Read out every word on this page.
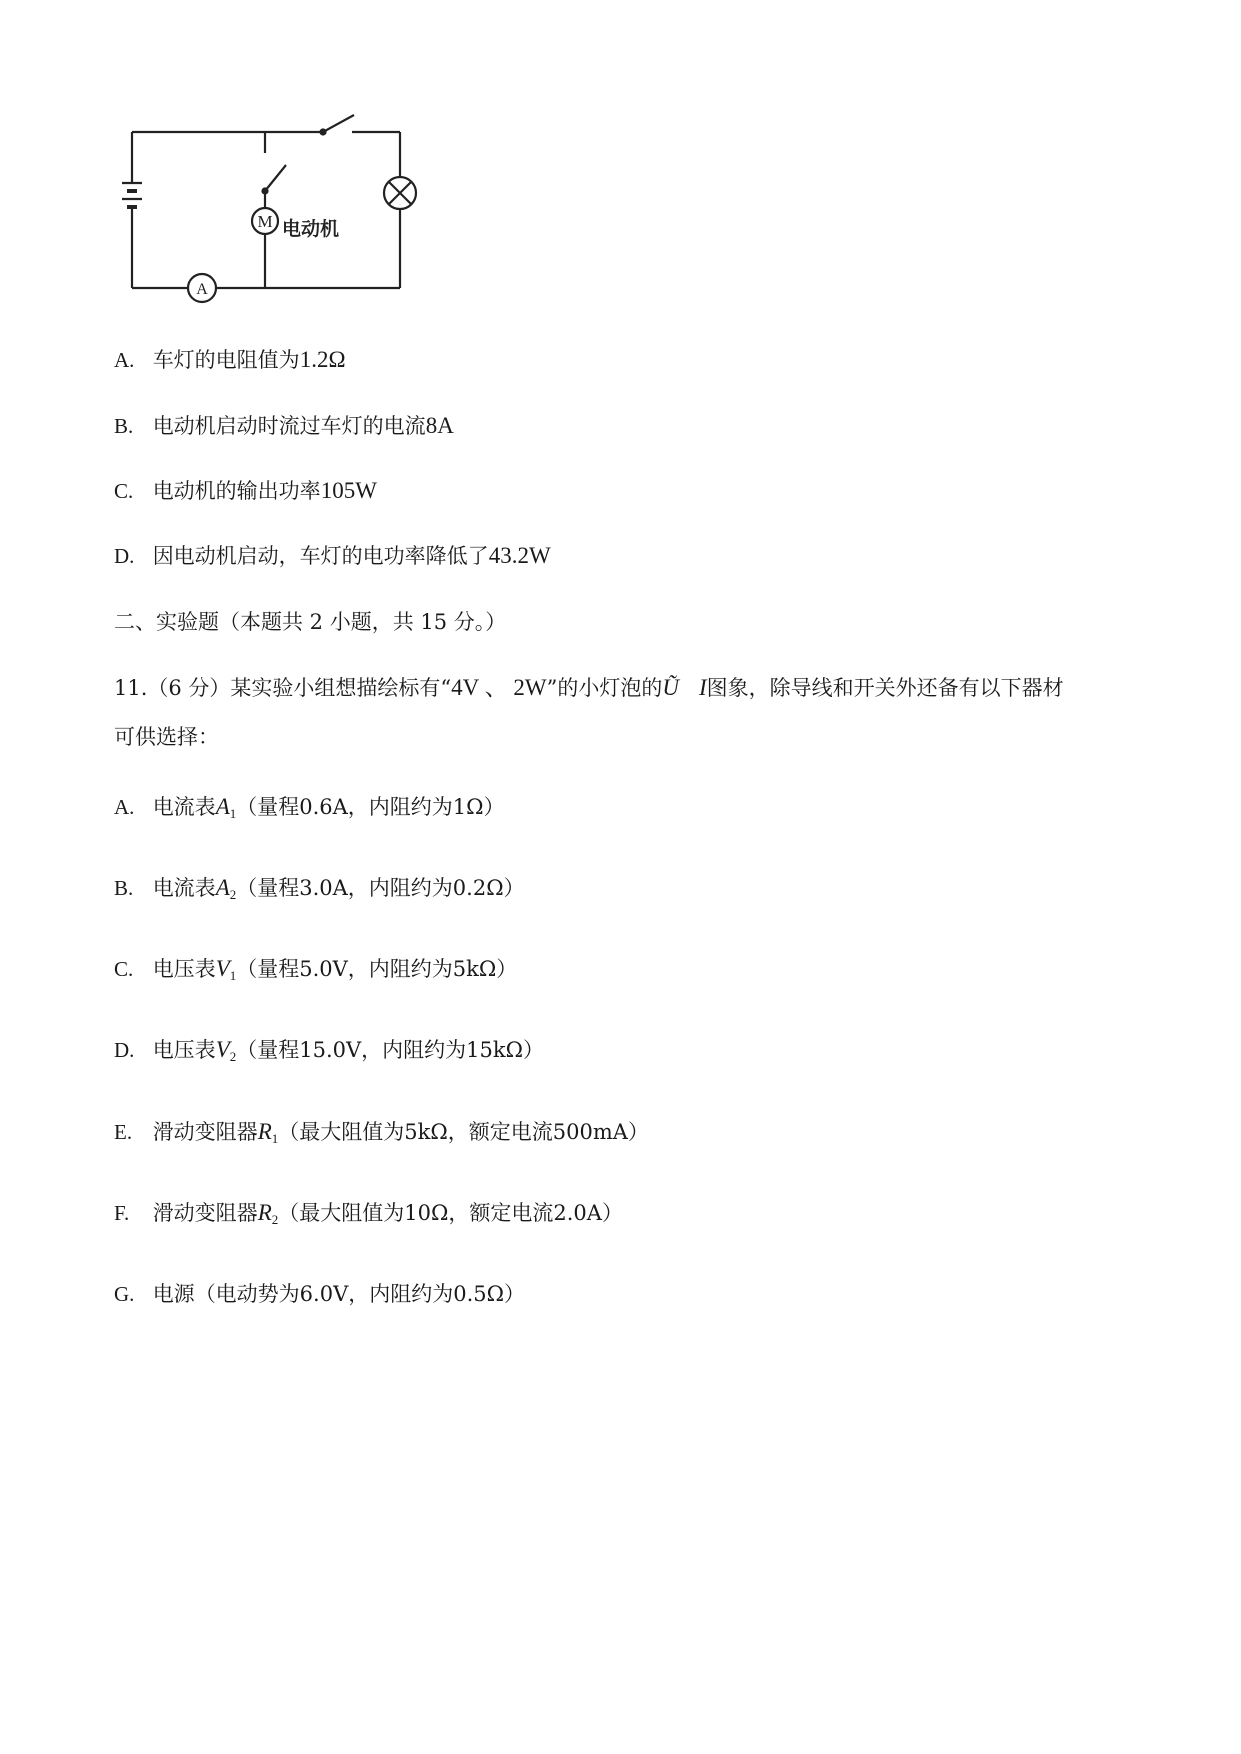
M 电动机
A
A. 车灯的电阻值为1.2Ω
B. 电动机启动时流过车灯的电流8A
C. 电动机的输出功率105W
D. 因电动机启动，车灯的电功率降低了43.2W
二、实验题（本题共 2 小题，共 15 分。）
11.（6 分）某实验小组想描绘标有“4V 、 2W”的小灯泡的Ũ I图象，除导线和开关外还备有以下器材
可供选择：
A. 电流表$A_1$（量程0.6A，内阻约为1Ω）
B. 电流表$A_2$（量程3.0A，内阻约为0.2Ω）
C. 电压表$V_1$（量程5.0V，内阻约为5kΩ）
D. 电压表$V_2$（量程15.0V，内阻约为15kΩ）
E. 滑动变阻器$R_1$（最大阻值为5kΩ，额定电流500mA）
F. 滑动变阻器$R_2$（最大阻值为10Ω，额定电流2.0A）
G. 电源（电动势为6.0V，内阻约为0.5Ω）
